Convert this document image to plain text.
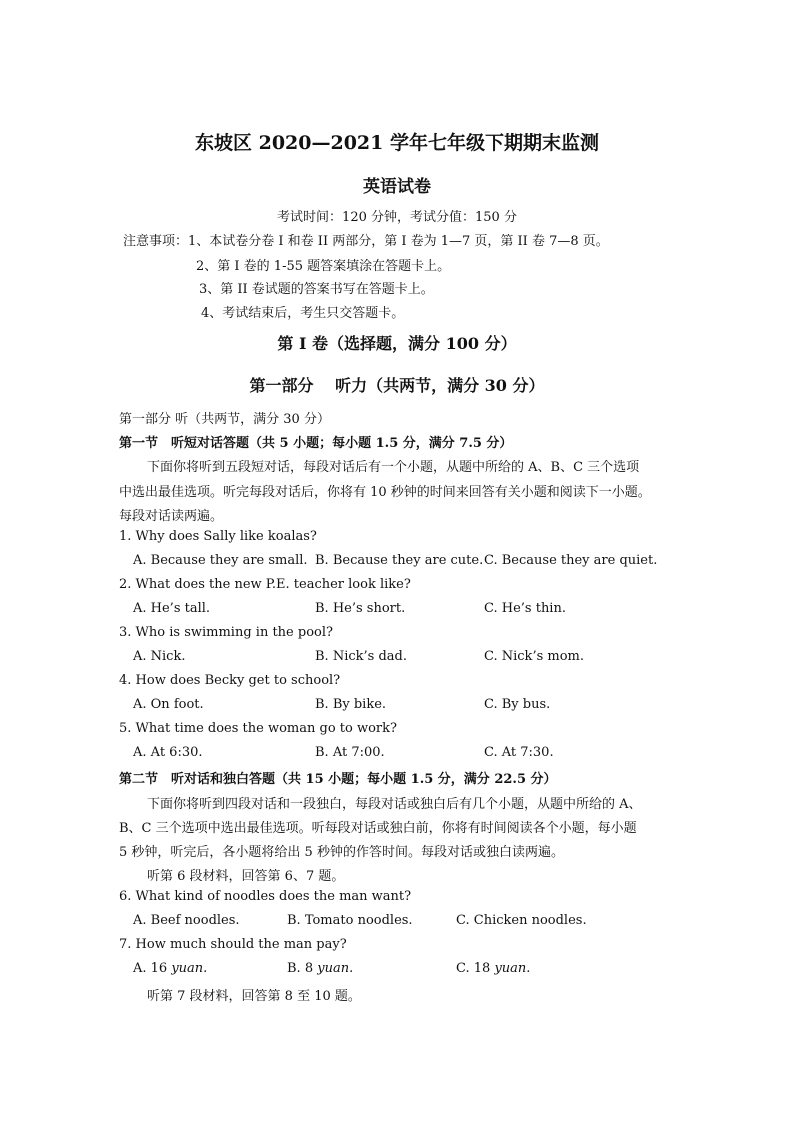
东坡区 2020—2021 学年七年级下期期末监测
英语试卷
考试时间：120 分钟，考试分值：150 分
注意事项：1、本试卷分卷 I 和卷 II 两部分，第 I 卷为 1—7 页，第 II 卷 7—8 页。
2、第 I 卷的 1-55 题答案填涂在答题卡上。
3、第 II 卷试题的答案书写在答题卡上。
4、考试结束后，考生只交答题卡。
第 I 卷（选择题，满分 100 分）
第一部分　 听力（共两节，满分 30 分）
第一部分 听（共两节，满分 30 分）
第一节　听短对话答题（共 5 小题；每小题 1.5 分，满分 7.5 分）
下面你将听到五段短对话，每段对话后有一个小题，从题中所给的 A、B、C 三个选项
中选出最佳选项。听完每段对话后，你将有 10 秒钟的时间来回答有关小题和阅读下一小题。
每段对话读两遍。
1. Why does Sally like koalas?
A. Because they are small. B. Because they are cute. C. Because they are quiet.
2. What does the new P.E. teacher look like?
A. He’s tall.	B. He’s short.	C. He’s thin.
3. Who is swimming in the pool?
A. Nick.	B. Nick’s dad.	C. Nick’s mom.
4. How does Becky get to school?
A. On foot.	B. By bike.	C. By bus.
5. What time does the woman go to work?
A. At 6:30.	B. At 7:00.	C. At 7:30.
第二节　听对话和独白答题（共 15 小题；每小题 1.5 分，满分 22.5 分）
下面你将听到四段对话和一段独白，每段对话或独白后有几个小题，从题中所给的 A、
B、C 三个选项中选出最佳选项。听每段对话或独白前，你将有时间阅读各个小题，每小题
5 秒钟，听完后，各小题将给出 5 秒钟的作答时间。每段对话或独白读两遍。
听第 6 段材料，回答第 6、7 题。
6. What kind of noodles does the man want?
A. Beef noodles.	B. Tomato noodles.	C. Chicken noodles.
7. How much should the man pay?
A. 16 yuan.	B. 8 yuan.	C. 18 yuan.
听第 7 段材料，回答第 8 至 10 题。
